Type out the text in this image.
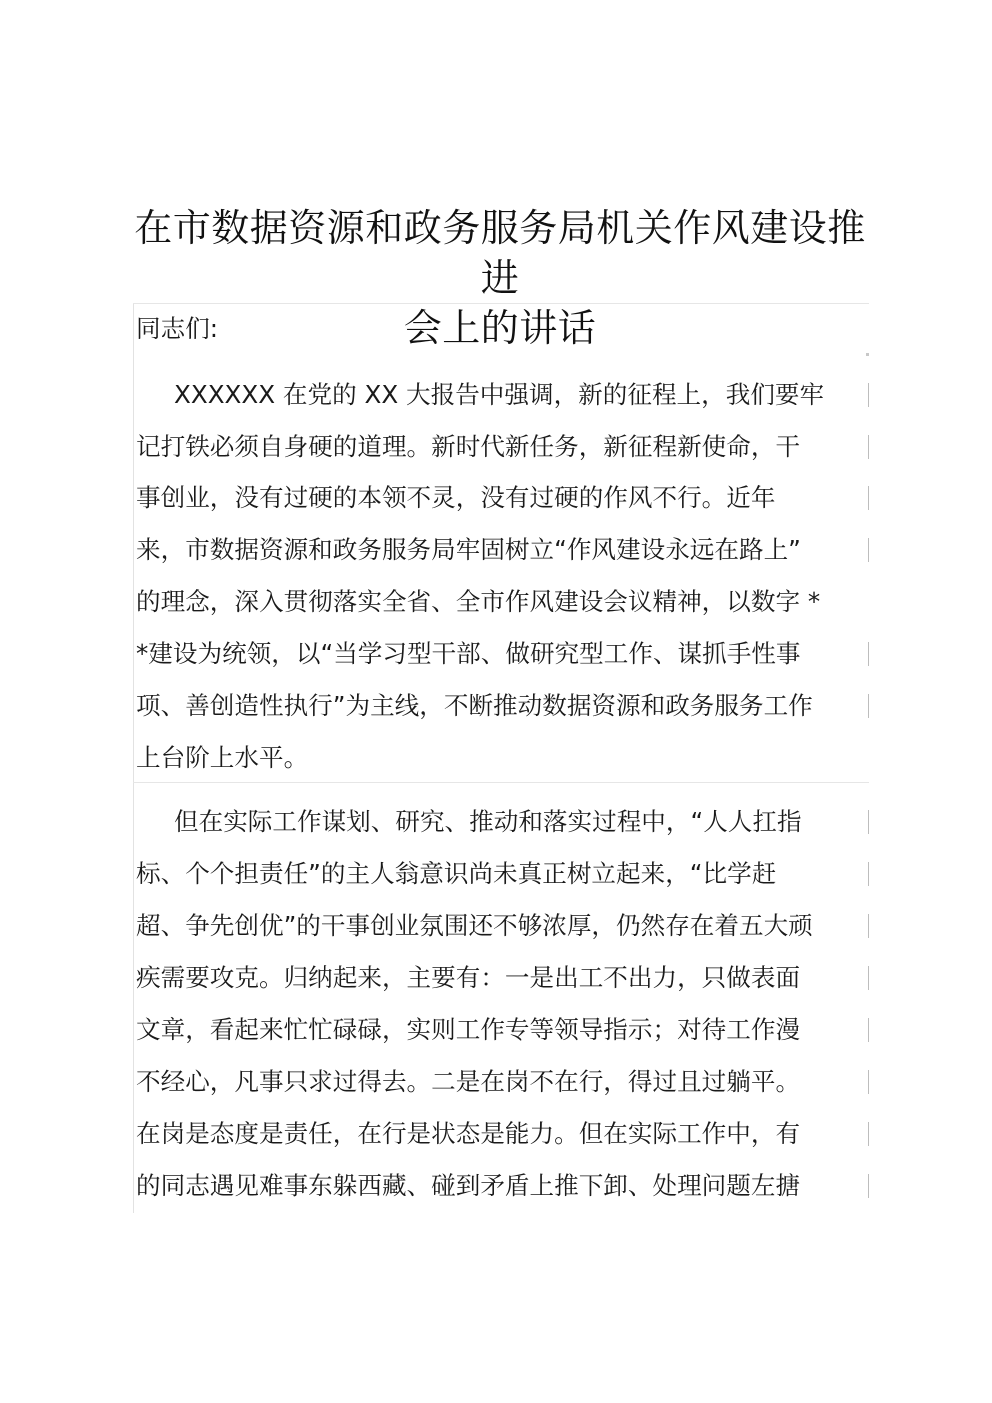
在市数据资源和政务服务局机关作风建设推进
会上的讲话
同志们:
XXXXXX 在党的 XX 大报告中强调，新的征程上，我们要牢
记打铁必须自身硬的道理。新时代新任务，新征程新使命，干
事创业，没有过硬的本领不灵，没有过硬的作风不行。近年
来，市数据资源和政务服务局牢固树立“作风建设永远在路上”
的理念，深入贯彻落实全省、全市作风建设会议精神，以数字 *
*建设为统领，以“当学习型干部、做研究型工作、谋抓手性事
项、善创造性执行”为主线，不断推动数据资源和政务服务工作
上台阶上水平。
但在实际工作谋划、研究、推动和落实过程中，“人人扛指
标、个个担责任”的主人翁意识尚未真正树立起来，“比学赶
超、争先创优”的干事创业氛围还不够浓厚，仍然存在着五大顽
疾需要攻克。归纳起来，主要有：一是出工不出力，只做表面
文章，看起来忙忙碌碌，实则工作专等领导指示；对待工作漫
不经心，凡事只求过得去。二是在岗不在行，得过且过躺平。
在岗是态度是责任，在行是状态是能力。但在实际工作中，有
的同志遇见难事东躲西藏、碰到矛盾上推下卸、处理问题左搪
